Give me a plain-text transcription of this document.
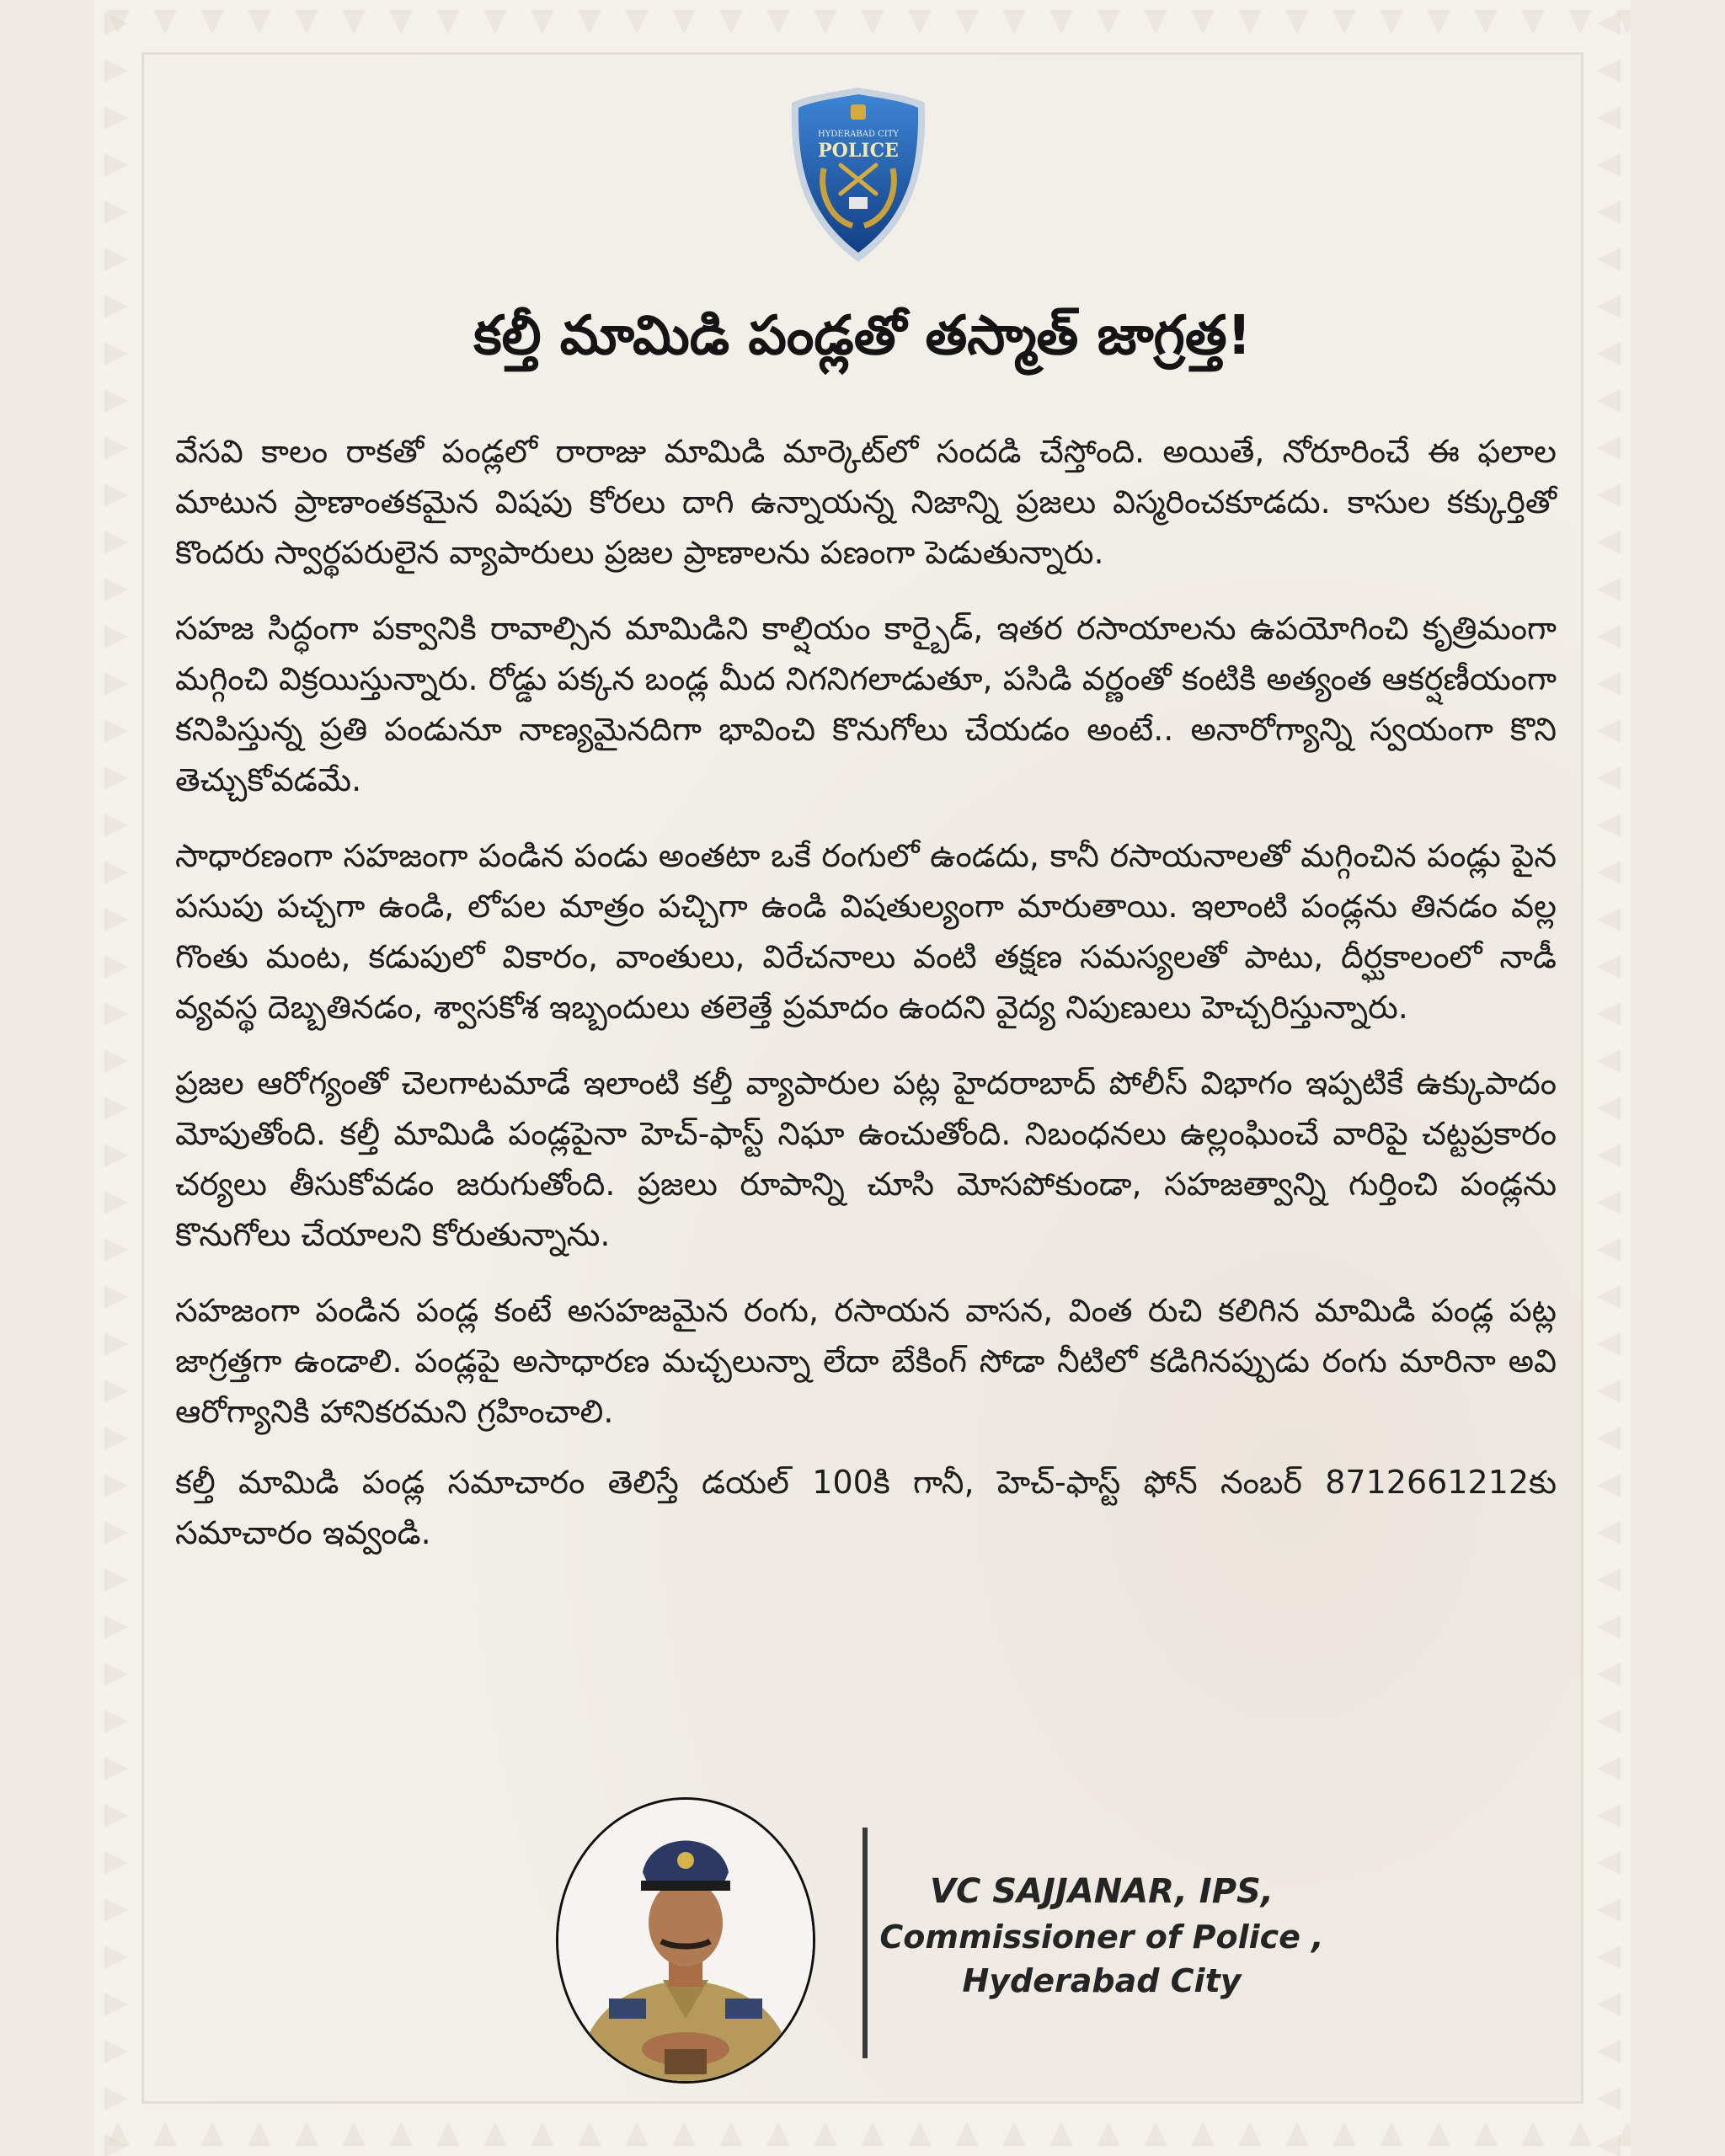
HYDERABAD CITY
POLICE
కల్తీ మామిడి పండ్లతో తస్మాత్ జాగ్రత్త!

వేసవి కాలం రాకతో పండ్లలో రారాజు మామిడి మార్కెట్‌లో సందడి చేస్తోంది. అయితే, నోరూరించే ఈ ఫలాల మాటున ప్రాణాంతకమైన విషపు కోరలు దాగి ఉన్నాయన్న నిజాన్ని ప్రజలు విస్మరించకూడదు. కాసుల కక్కుర్తితో కొందరు స్వార్థపరులైన వ్యాపారులు ప్రజల ప్రాణాలను పణంగా పెడుతున్నారు.

సహజ సిద్ధంగా పక్వానికి రావాల్సిన మామిడిని కాల్షియం కార్బైడ్, ఇతర రసాయాలను ఉపయోగించి కృత్రిమంగా మగ్గించి విక్రయిస్తున్నారు. రోడ్డు పక్కన బండ్ల మీద నిగనిగలాడుతూ, పసిడి వర్ణంతో కంటికి అత్యంత ఆకర్షణీయంగా కనిపిస్తున్న ప్రతి పండునూ నాణ్యమైనదిగా భావించి కొనుగోలు చేయడం అంటే.. అనారోగ్యాన్ని స్వయంగా కొని తెచ్చుకోవడమే.

సాధారణంగా సహజంగా పండిన పండు అంతటా ఒకే రంగులో ఉండదు, కానీ రసాయనాలతో మగ్గించిన పండ్లు పైన పసుపు పచ్చగా ఉండి, లోపల మాత్రం పచ్చిగా ఉండి విషతుల్యంగా మారుతాయి. ఇలాంటి పండ్లను తినడం వల్ల గొంతు మంట, కడుపులో వికారం, వాంతులు, విరేచనాలు వంటి తక్షణ సమస్యలతో పాటు, దీర్ఘకాలంలో నాడీ వ్యవస్థ దెబ్బతినడం, శ్వాసకోశ ఇబ్బందులు తలెత్తే ప్రమాదం ఉందని వైద్య నిపుణులు హెచ్చరిస్తున్నారు.

ప్రజల ఆరోగ్యంతో చెలగాటమాడే ఇలాంటి కల్తీ వ్యాపారుల పట్ల హైదరాబాద్ పోలీస్ విభాగం ఇప్పటికే ఉక్కుపాదం మోపుతోంది. కల్తీ మామిడి పండ్లపైనా హెచ్-ఫాస్ట్ నిఘా ఉంచుతోంది. నిబంధనలు ఉల్లంఘించే వారిపై చట్టప్రకారం చర్యలు తీసుకోవడం జరుగుతోంది. ప్రజలు రూపాన్ని చూసి మోసపోకుండా, సహజత్వాన్ని గుర్తించి పండ్లను కొనుగోలు చేయాలని కోరుతున్నాను.

సహజంగా పండిన పండ్ల కంటే అసహజమైన రంగు, రసాయన వాసన, వింత రుచి కలిగిన మామిడి పండ్ల పట్ల జాగ్రత్తగా ఉండాలి. పండ్లపై అసాధారణ మచ్చలున్నా లేదా బేకింగ్ సోడా నీటిలో కడిగినప్పుడు రంగు మారినా అవి ఆరోగ్యానికి హానికరమని గ్రహించాలి.

కల్తీ మామిడి పండ్ల సమాచారం తెలిస్తే డయల్ 100కి గానీ, హెచ్-ఫాస్ట్ ఫోన్ నంబర్ 8712661212కు సమాచారం ఇవ్వండి.

VC SAJJANAR, IPS,
Commissioner of Police ,
Hyderabad City
